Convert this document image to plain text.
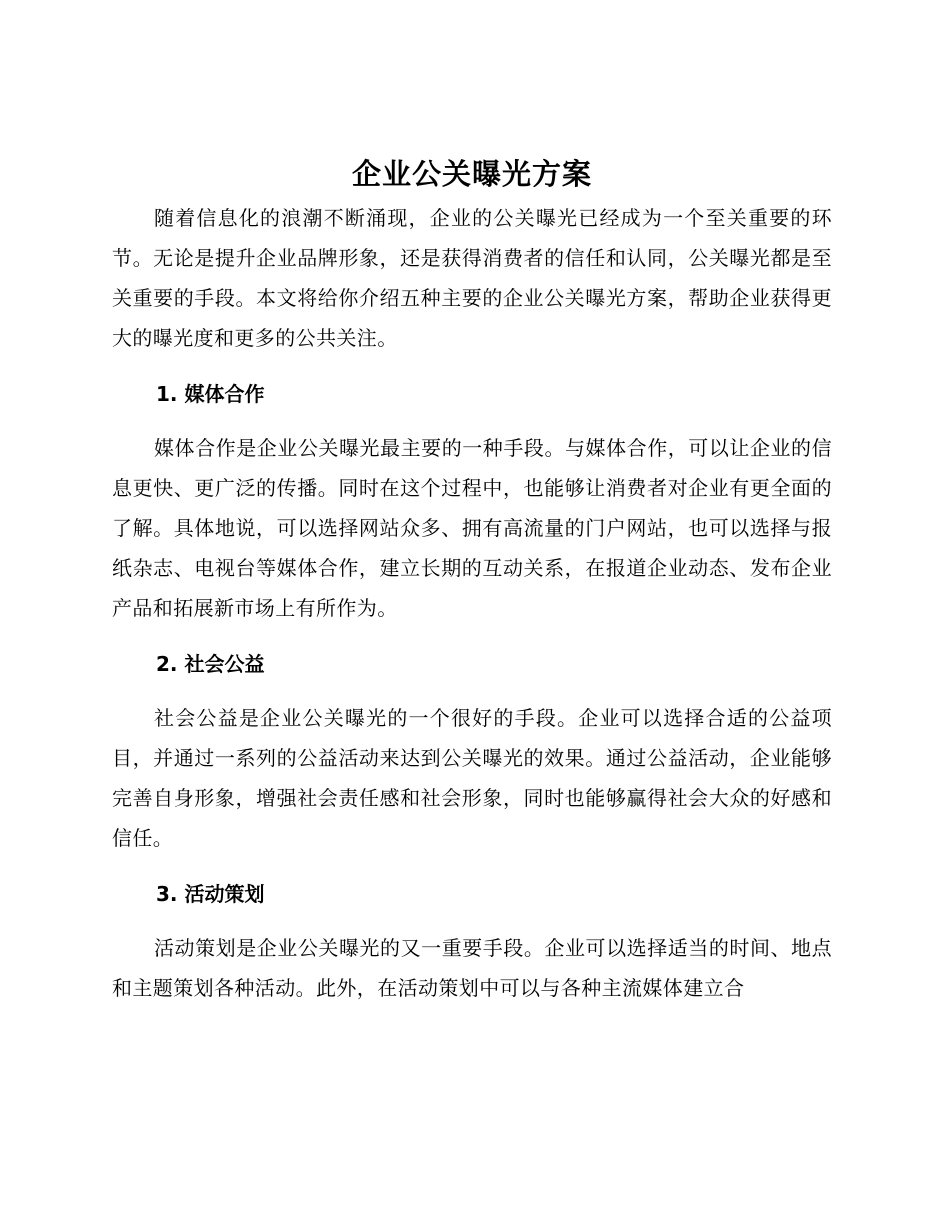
企业公关曝光方案

随着信息化的浪潮不断涌现，企业的公关曝光已经成为一个至关重要的环节。无论是提升企业品牌形象，还是获得消费者的信任和认同，公关曝光都是至关重要的手段。本文将给你介绍五种主要的企业公关曝光方案，帮助企业获得更大的曝光度和更多的公共关注。

1. 媒体合作

媒体合作是企业公关曝光最主要的一种手段。与媒体合作，可以让企业的信息更快、更广泛的传播。同时在这个过程中，也能够让消费者对企业有更全面的了解。具体地说，可以选择网站众多、拥有高流量的门户网站，也可以选择与报纸杂志、电视台等媒体合作，建立长期的互动关系，在报道企业动态、发布企业产品和拓展新市场上有所作为。

2. 社会公益

社会公益是企业公关曝光的一个很好的手段。企业可以选择合适的公益项目，并通过一系列的公益活动来达到公关曝光的效果。通过公益活动，企业能够完善自身形象，增强社会责任感和社会形象，同时也能够赢得社会大众的好感和信任。

3. 活动策划

活动策划是企业公关曝光的又一重要手段。企业可以选择适当的时间、地点和主题策划各种活动。此外，在活动策划中可以与各种主流媒体建立合
